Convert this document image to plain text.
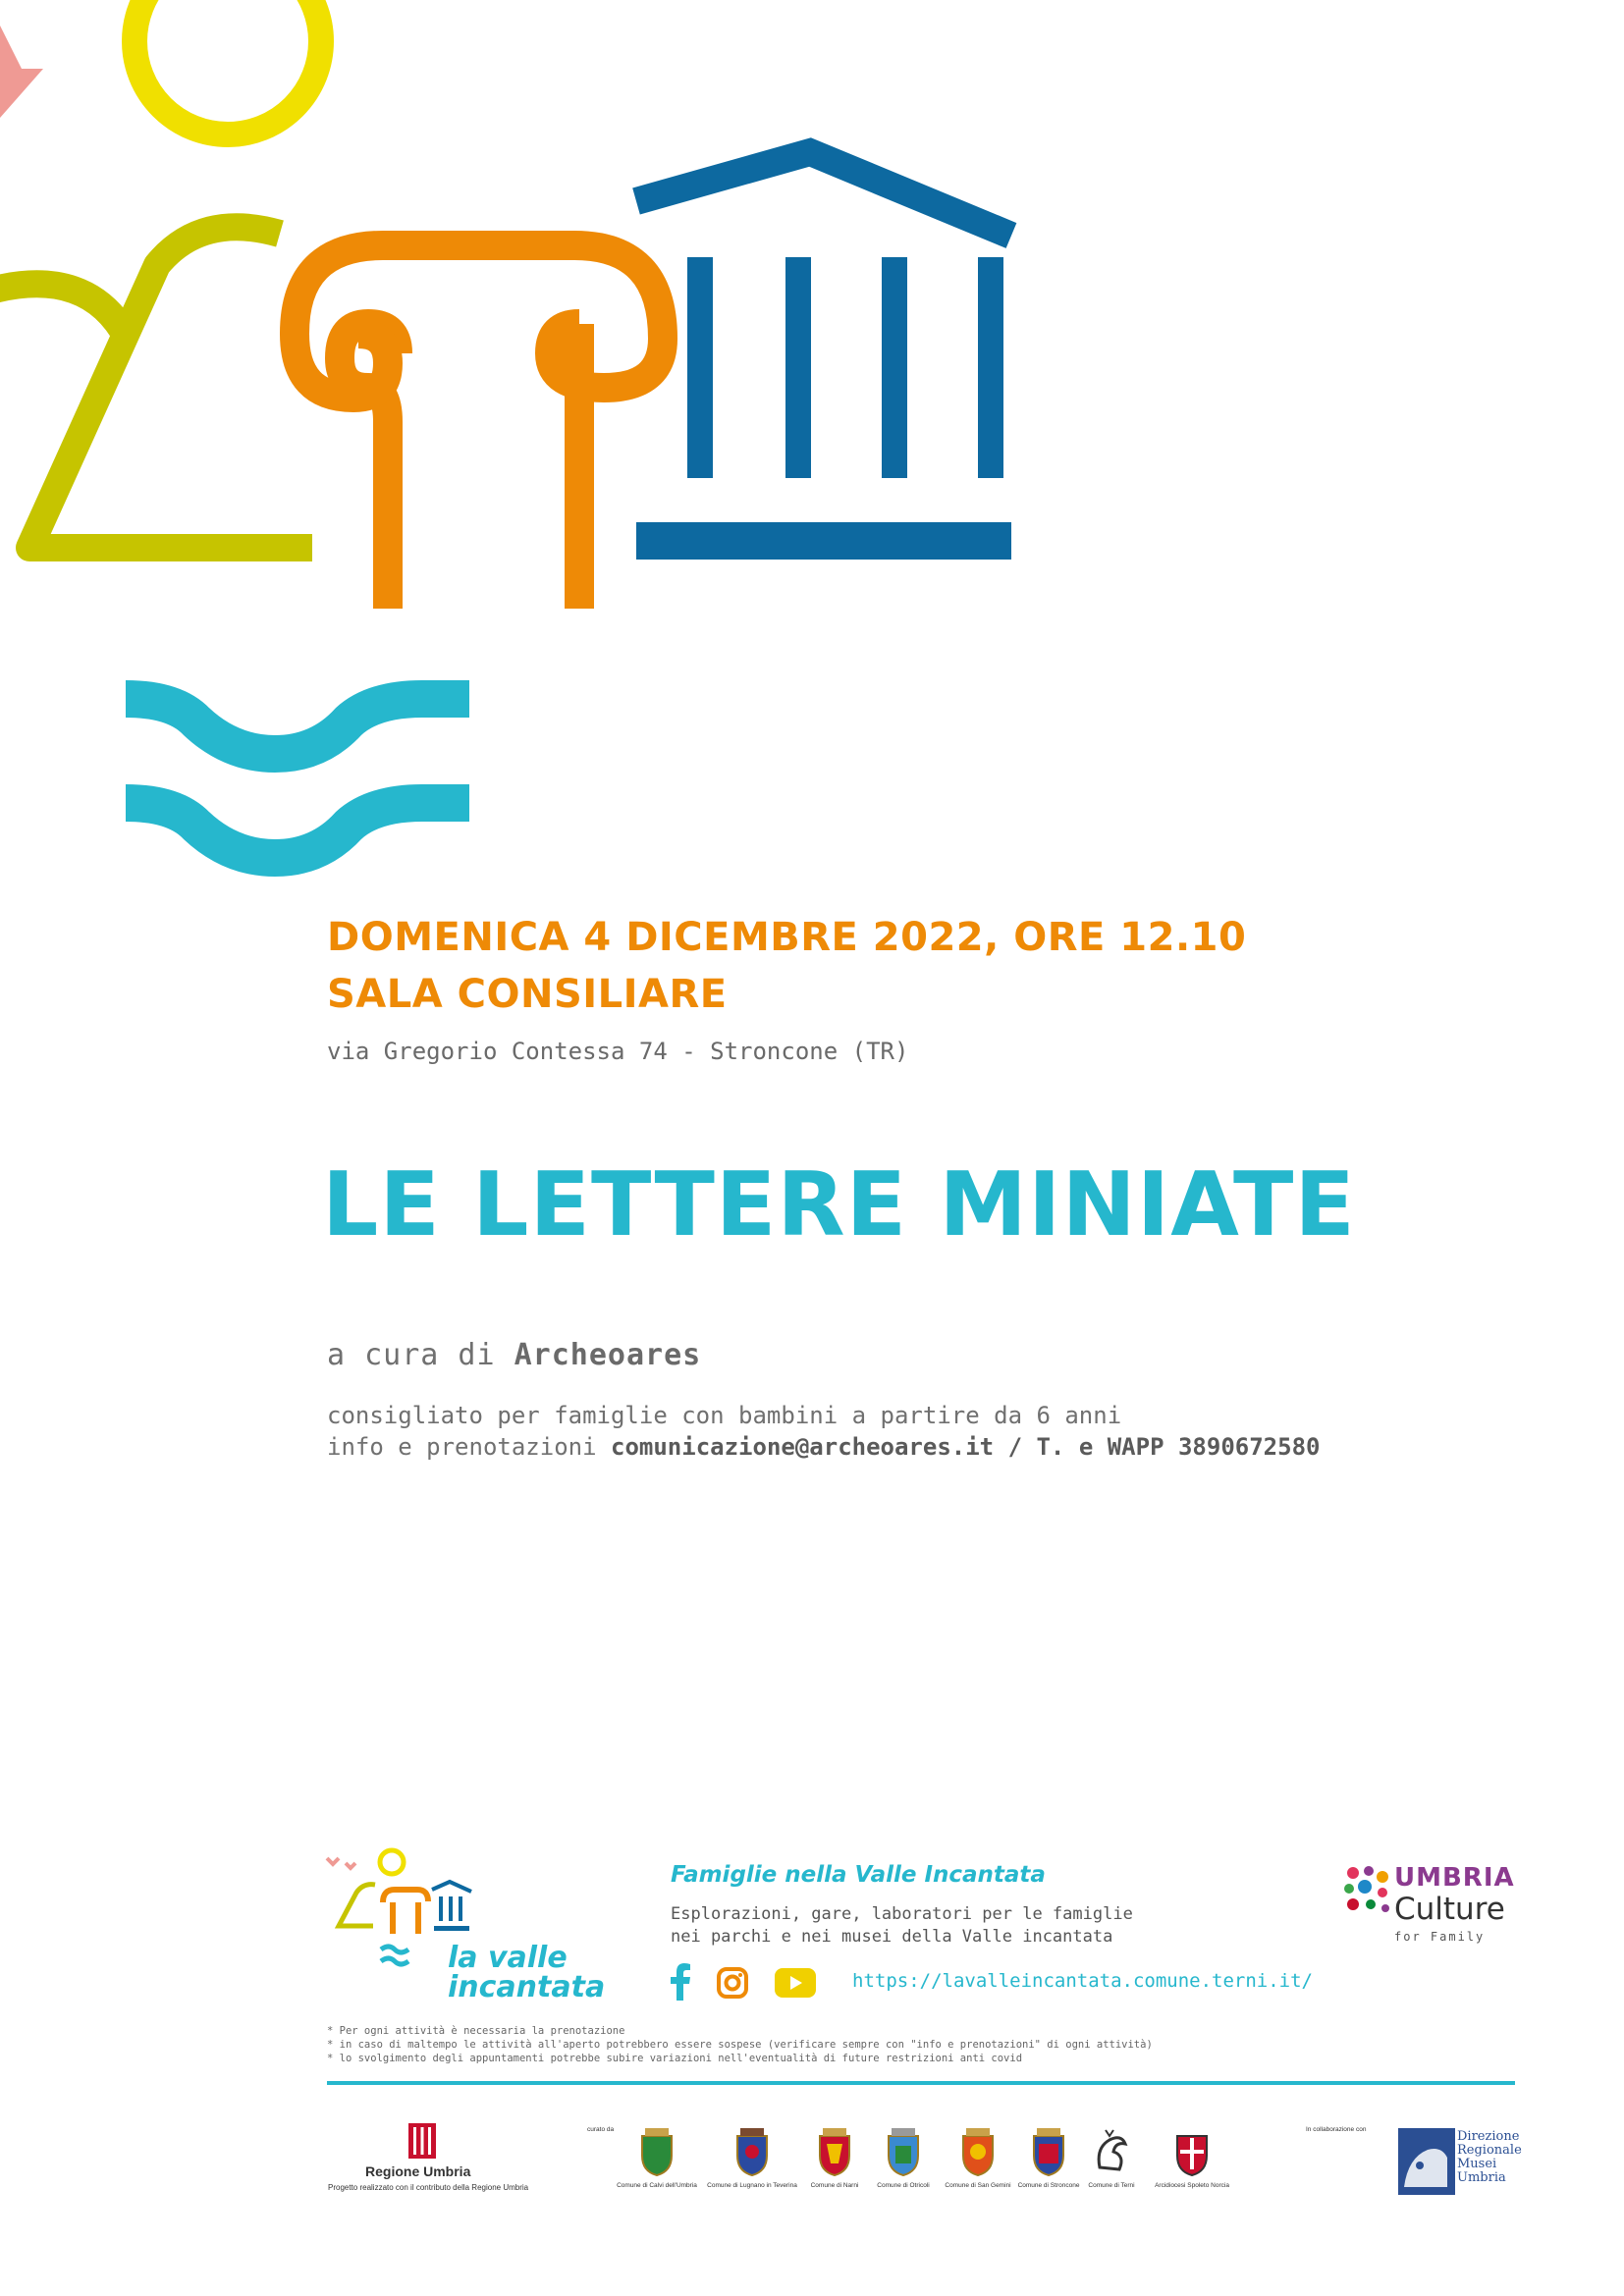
DOMENICA 4 DICEMBRE 2022, ORE 12.10
SALA CONSILIARE
via Gregorio Contessa 74 - Stroncone (TR)
LE LETTERE MINIATE
a cura di Archeoares
consigliato per famiglie con bambini a partire da 6 anni
info e prenotazioni comunicazione@archeoares.it / T. e WAPP 3890672580
la valle
incantata
Famiglie nella Valle Incantata
Esplorazioni, gare, laboratori per le famiglie
nei parchi e nei musei della Valle incantata
https://lavalleincantata.comune.terni.it/
UMBRIA
Culture
for Family
* Per ogni attività è necessaria la prenotazione
* in caso di maltempo le attività all'aperto potrebbero essere sospese (verificare sempre con "info e prenotazioni" di ogni attività)
* lo svolgimento degli appuntamenti potrebbe subire variazioni nell'eventualità di future restrizioni anti covid
Regione Umbria
Progetto realizzato con il contributo della Regione Umbria
curato da	In collaborazione con
Comune di Calvi dell'Umbria Comune di Lugnano in Teverina Comune di Narni	Comune di Otricoli Comune di San Gemini Comune di Stroncone Comune di Terni	Arcidiocesi Spoleto Norcia
Direzione
Regionale
Musei
Umbria
